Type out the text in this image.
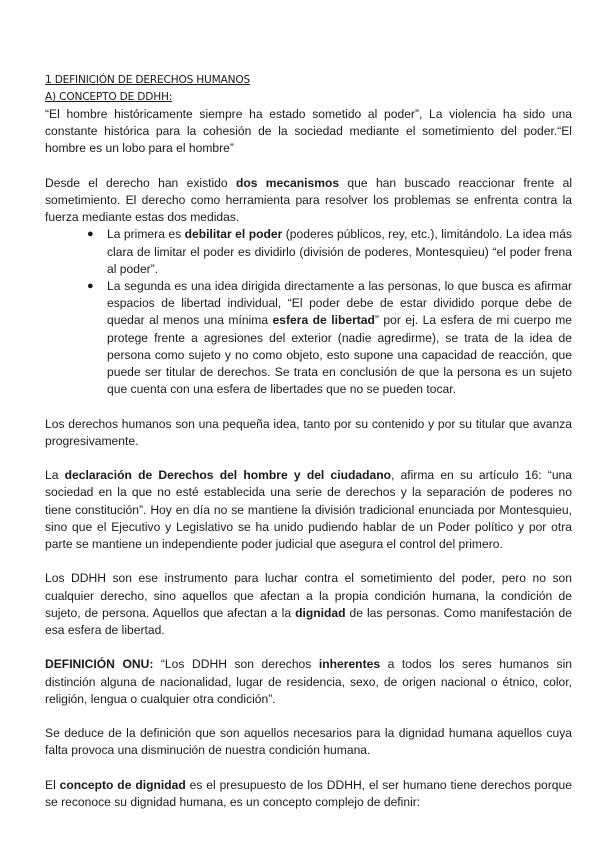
1 DEFINICIÓN DE DERECHOS HUMANOS
A) CONCEPTO DE DDHH:

“El hombre históricamente siempre ha estado sometido al poder”, La violencia ha sido una constante histórica para la cohesión de la sociedad mediante el sometimiento del poder.“El hombre es un lobo para el hombre”

Desde el derecho han existido dos mecanismos que han buscado reaccionar frente al sometimiento. El derecho como herramienta para resolver los problemas se enfrenta contra la fuerza mediante estas dos medidas.

● La primera es debilitar el poder (poderes públicos, rey, etc.), limitándolo. La idea más clara de limitar el poder es dividirlo (división de poderes, Montesquieu) “el poder frena al poder”.
● La segunda es una idea dirigida directamente a las personas, lo que busca es afirmar espacios de libertad individual, “El poder debe de estar dividido porque debe de quedar al menos una mínima esfera de libertad” por ej. La esfera de mi cuerpo me protege frente a agresiones del exterior (nadie agredirme), se trata de la idea de persona como sujeto y no como objeto, esto supone una capacidad de reacción, que puede ser titular de derechos. Se trata en conclusión de que la persona es un sujeto que cuenta con una esfera de libertades que no se pueden tocar.

Los derechos humanos son una pequeña idea, tanto por su contenido y por su titular que avanza progresivamente.

La declaración de Derechos del hombre y del ciudadano, afirma en su artículo 16: “una sociedad en la que no esté establecida una serie de derechos y la separación de poderes no tiene constitución”. Hoy en día no se mantiene la división tradicional enunciada por Montesquieu, sino que el Ejecutivo y Legislativo se ha unido pudiendo hablar de un Poder político y por otra parte se mantiene un independiente poder judicial que asegura el control del primero.

Los DDHH son ese instrumento para luchar contra el sometimiento del poder, pero no son cualquier derecho, sino aquellos que afectan a la propia condición humana, la condición de sujeto, de persona. Aquellos que afectan a la dignidad de las personas. Como manifestación de esa esfera de libertad.

DEFINICIÓN ONU: “Los DDHH son derechos inherentes a todos los seres humanos sin distinción alguna de nacionalidad, lugar de residencia, sexo, de origen nacional o étnico, color, religión, lengua o cualquier otra condición”.

Se deduce de la definición que son aquellos necesarios para la dignidad humana aquellos cuya falta provoca una disminución de nuestra condición humana.

El concepto de dignidad es el presupuesto de los DDHH, el ser humano tiene derechos porque se reconoce su dignidad humana, es un concepto complejo de definir:
